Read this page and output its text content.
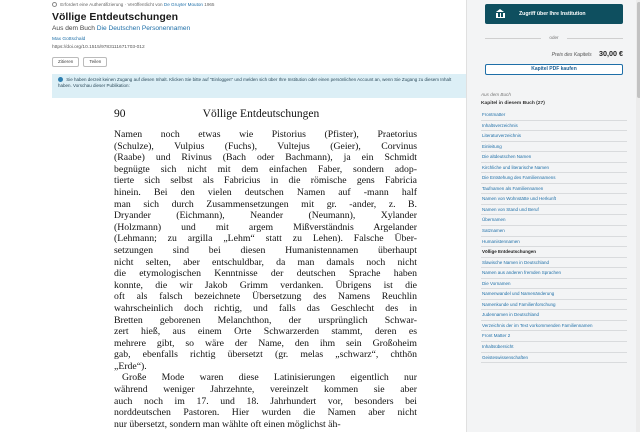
Erfordert eine Authentifizierung · Veröffentlicht von De Gruyter Mouton 1965
Völlige Entdeutschungen
Aus dem Buch Die Deutschen Personennamen
Max Gottschald
https://doi.org/10.1515/9783111671703-012
Zitieren	Teilen
Sie haben derzeit keinen Zugang auf diesen Inhalt. Klicken Sie bitte auf "Einloggen" und melden sich über Ihre Institution oder einen persönlichen Account an, wenn Sie Zugang zu diesem Inhalt haben. Vorschau dieser Publikation:
90	Völlige Entdeutschungen
Namen noch etwas wie Pistorius (Pfister), Praetorius
(Schulze), Vulpius (Fuchs), Vultejus (Geier), Corvinus
(Raabe) und Rivinus (Bach oder Bachmann), ja ein Schmidt
begnügte sich nicht mit dem einfachen Faber, sondern adop-
tierte sich selbst als Fabricius in die römische gens Fabricia
hinein. Bei den vielen deutschen Namen auf -mann half
man sich durch Zusammensetzungen mit gr. -ander, z. B.
Dryander (Eichmann), Neander (Neumann), Xylander
(Holzmann) und mit argem Mißverständnis Argelander
(Lehmann; zu argilla „Lehm“ statt zu Lehen). Falsche Über-
setzungen sind bei diesen Humanistennamen überhaupt
nicht selten, aber entschuldbar, da man damals noch nicht
die etymologischen Kenntnisse der deutschen Sprache haben
konnte, die wir Jakob Grimm verdanken. Übrigens ist die
oft als falsch bezeichnete Übersetzung des Namens Reuchlin
wahrscheinlich doch richtig, und falls das Geschlecht des in
Bretten geborenen Melanchthon, der ursprünglich Schwar-
zert hieß, aus einem Orte Schwarzerden stammt, deren es
mehrere gibt, so wäre der Name, den ihm sein Großoheim
gab, ebenfalls richtig übersetzt (gr. melas „schwarz“, chthōn
„Erde“).
Große Mode waren diese Latinisierungen eigentlich nur
während weniger Jahrzehnte, vereinzelt kommen sie aber
auch noch im 17. und 18. Jahrhundert vor, besonders bei
norddeutschen Pastoren. Hier wurden die Namen aber nicht
nur übersetzt, sondern man wählte oft einen möglichst äh-
Zugriff über Ihre Institution
oder
Preis des Kapitels 30,00 €
Kapitel PDF kaufen
Aus dem Buch
Kapitel in diesem Buch (27)
Frontmatter
Inhaltsverzeichnis
Literaturverzeichnis
Einleitung
Die altdeutschen Namen
Kirchliche und literarische Namen
Die Entstehung des Familiennamens
Taufnamen als Familiennamen
Namen von Wohnstätte und Herkunft
Namen von Stand und Beruf
Übernamen
Satznamen
Humanistennamen
Völlige Entdeutschungen
Slawische Namen in Deutschland
Namen aus anderen fremden Sprachen
Die Vornamen
Namenwandel und Namenänderung
Namenkunde und Familienforschung
Judennamen in Deutschland
Verzeichnis der im Text vorkommenden Familiennamen
Front Matter 2
Inhaltsübersicht
Geisteswissenschaften
